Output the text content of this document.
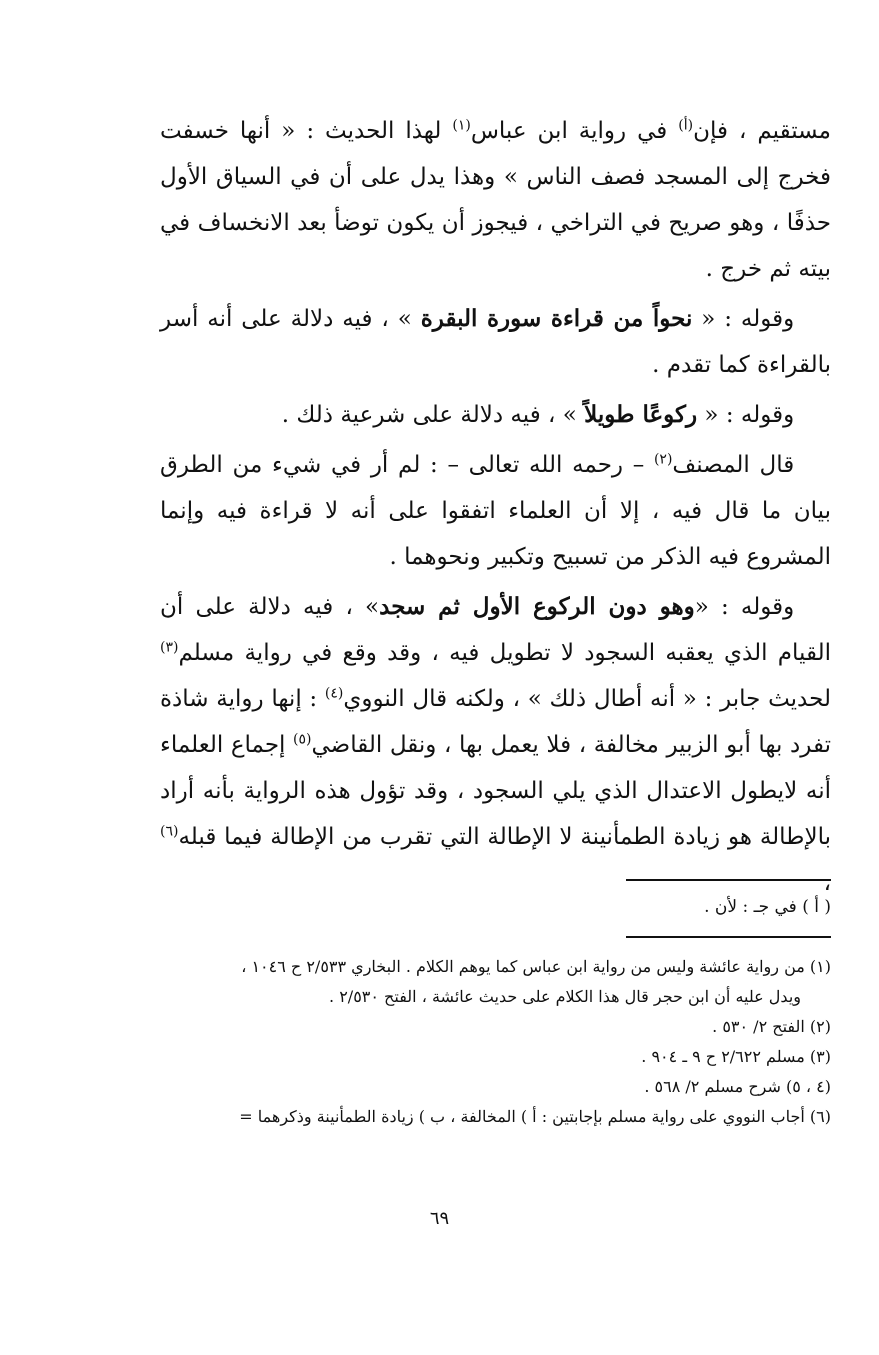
مستقيم ، فإن$^{(أ)}$ في رواية ابن عباس$^{(١)}$ لهذا الحديث : « أنها خسفت فخرج إلى المسجد فصف الناس » وهذا يدل على أن في السياق الأول حذفًا ، وهو صريح في التراخي ، فيجوز أن يكون توضأ بعد الانخساف في بيته ثم خرج .

وقوله : « نحواً من قراءة سورة البقرة » ، فيه دلالة على أنه أسر بالقراءة كما تقدم .

وقوله : « ركوعًا طويلاً » ، فيه دلالة على شرعية ذلك .

قال المصنف$^{(٢)}$ – رحمه الله تعالى – : لم أر في شيء من الطرق بيان ما قال فيه ، إلا أن العلماء اتفقوا على أنه لا قراءة فيه وإنما المشروع فيه الذكر من تسبيح وتكبير ونحوهما .

وقوله : «وهو دون الركوع الأول ثم سجد» ، فيه دلالة على أن القيام الذي يعقبه السجود لا تطويل فيه ، وقد وقع في رواية مسلم$^{(٣)}$ لحديث جابر : « أنه أطال ذلك » ، ولكنه قال النووي$^{(٤)}$ : إنها رواية شاذة تفرد بها أبو الزبير مخالفة ، فلا يعمل بها ، ونقل القاضي$^{(٥)}$ إجماع العلماء أنه لايطول الاعتدال الذي يلي السجود ، وقد تؤول هذه الرواية بأنه أراد بالإطالة هو زيادة الطمأنينة لا الإطالة التي تقرب من الإطالة فيما قبله$^{(٦)}$ ،

( أ ) في جـ : لأن .

(١) من رواية عائشة وليس من رواية ابن عباس كما يوهم الكلام . البخاري ٢/٥٣٣ ح ١٠٤٦ ،

ويدل عليه أن ابن حجر قال هذا الكلام على حديث عائشة ، الفتح ٢/٥٣٠ .

(٢) الفتح ٢/ ٥٣٠ .

(٣) مسلم ٢/٦٢٢ ح ٩ ـ ٩٠٤ .

(٤ ، ٥) شرح مسلم ٢/ ٥٦٨ .

(٦) أجاب النووي على رواية مسلم بإجابتين : أ ) المخالفة ، ب ) زيادة الطمأنينة وذكرهما =

٦٩
